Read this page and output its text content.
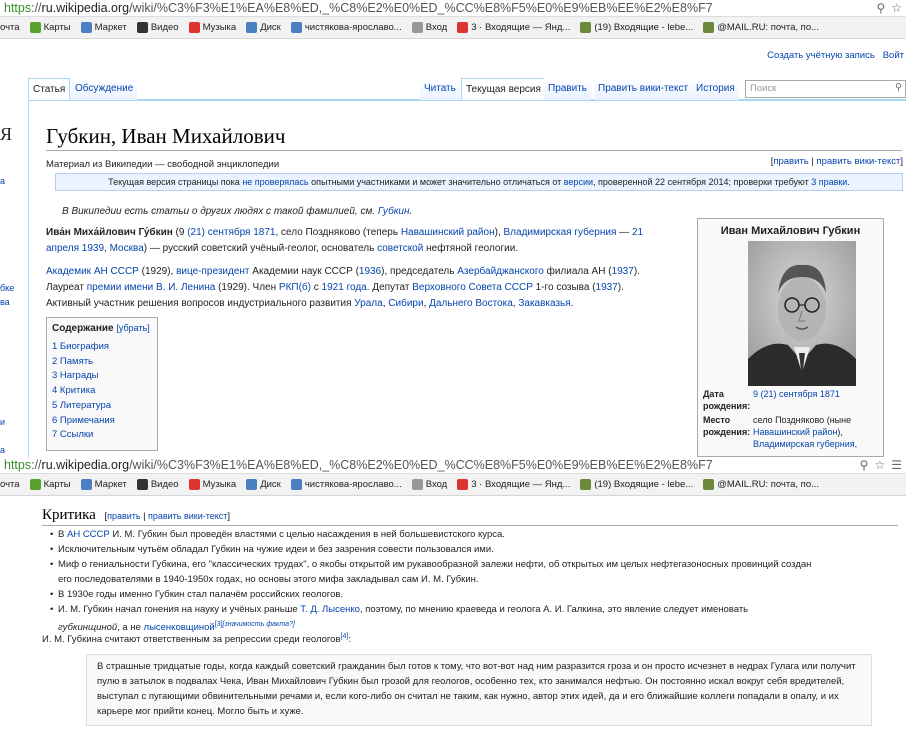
https://ru.wikipedia.org/wiki/%C3%F3%E1%EA%E8%ED,_%C8%E2%E0%ED_%CC%E8%F5%E0%E9%EB%EE%E2%E8%F7	⚲ ☆
очта	Карты	Маркет	Видео	Музыка	Диск	чистякова-ярославо...	Вход	3 · Входящие — Янд...	(19) Входящие - lebe...	@MAIL.RU: почта, по...
Я
а
бке
ва
и
а
Создать учётную запись Войт
Статья Обсуждение	Читать	Текущая версия Править	Править вики-текст История	Поиск	⚲
Губкин, Иван Михайлович
Материал из Википедии — свободной энциклопедии	[править | править вики-текст]
Текущая версия страницы пока не проверялась опытными участниками и может значительно отличаться от версии, проверенной 22 сентября 2014; проверки требуют 3 правки.
В Википедии есть статьи о других людях с такой фамилией, см. Губкин.
Ива́н Миха́йлович Гу́бкин (9 (21) сентября 1871, село Поздняково (теперь Навашинский район), Владимирская губерния — 21
апреля 1939, Москва) — русский советский учёный-геолог, основатель советской нефтяной геологии.
Академик АН СССР (1929), вице-президент Академии наук СССР (1936), председатель Азербайджанского филиала АН (1937).
Лауреат премии имени В. И. Ленина (1929). Член РКП(б) с 1921 года. Депутат Верховного Совета СССР 1-го созыва (1937).
Активный участник решения вопросов индустриального развития Урала, Сибири, Дальнего Востока, Закавказья.
Содержание [убрать]
1 Биография
2 Память
3 Награды
4 Критика
5 Литература
6 Примечания
7 Ссылки
Иван Михайлович Губкин
Дата рождения:9 (21) сентября 1871
Место рождения:село Поздняково (ныне Навашинский район), Владимирская губерния,
https://ru.wikipedia.org/wiki/%C3%F3%E1%EA%E8%ED,_%C8%E2%E0%ED_%CC%E8%F5%E0%E9%EB%EE%E2%E8%F7	⚲ ☆ ☰
очта	Карты	Маркет	Видео	Музыка	Диск	чистякова-ярославо...	Вход	3 · Входящие — Янд...	(19) Входящие - lebe...	@MAIL.RU: почта, по...
Критика   [править | править вики-текст]
• В АН СССР И. М. Губкин был проведён властями с целью насаждения в ней большевистского курса.
• Исключительным чутьём обладал Губкин на чужие идеи и без зазрения совести пользовался ими.
• Миф о гениальности Губкина, его "классических трудах", о якобы открытой им рукавообразной залежи нефти, об открытых им целых нефтегазоносных провинций создан
его последователями в 1940-1950х годах, но основы этого мифа закладывал сам И. М. Губкин.
• В 1930е годы именно Губкин стал палачём российских геологов.
• И. М. Губкин начал гонения на науку и учёных раньше Т. Д. Лысенко, поэтому, по мнению краеведа и геолога А. И. Галкина, это явление следует именовать
губкинщиной, а не лысенковщиной[3][значимость факта?]
И. М. Губкина считают ответственным за репрессии среди геологов[4]:
В страшные тридцатые годы, когда каждый советский гражданин был готов к тому, что вот-вот над ним разразится гроза и он просто исчезнет в недрах Гулага или получит пулю в затылок в подвалах Чека, Иван Михайлович Губкин был грозой для геологов, особенно тех, кто занимался нефтью. Он постоянно искал вокруг себя вредителей, выступал с пугающими обвинительными речами и, если кого-либо он считал не таким, как нужно, автор этих идей, да и его ближайшие коллеги попадали в опалу, и их карьере мог прийти конец. Могло быть и хуже.
